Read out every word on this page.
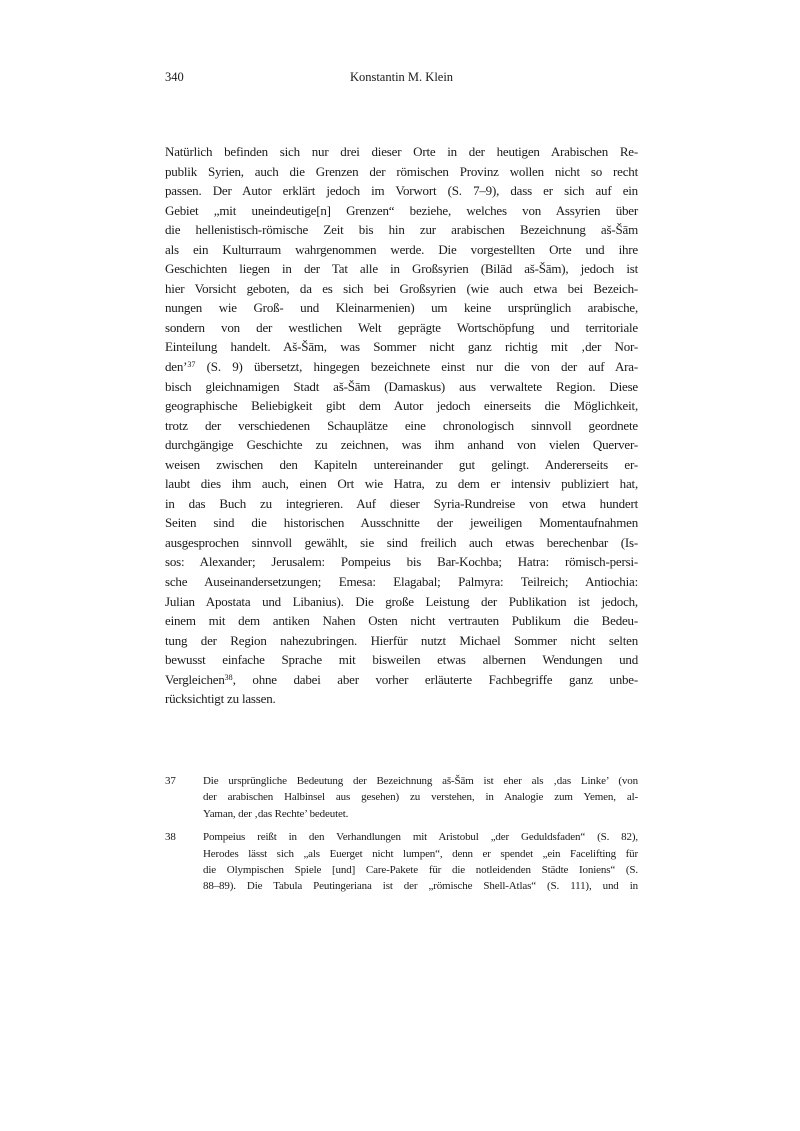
340	Konstantin M. Klein
Natürlich befinden sich nur drei dieser Orte in der heutigen Arabischen Re-
publik Syrien, auch die Grenzen der römischen Provinz wollen nicht so recht
passen. Der Autor erklärt jedoch im Vorwort (S. 7–9), dass er sich auf ein
Gebiet „mit uneindeutige[n] Grenzen“ beziehe, welches von Assyrien über
die hellenistisch-römische Zeit bis hin zur arabischen Bezeichnung aš-Šām
als ein Kulturraum wahrgenommen werde. Die vorgestellten Orte und ihre
Geschichten liegen in der Tat alle in Großsyrien (Bilād aš-Šām), jedoch ist
hier Vorsicht geboten, da es sich bei Großsyrien (wie auch etwa bei Bezeich-
nungen wie Groß- und Kleinarmenien) um keine ursprünglich arabische,
sondern von der westlichen Welt geprägte Wortschöpfung und territoriale
Einteilung handelt. Aš-Šām, was Sommer nicht ganz richtig mit ‚der Nor-
den’$^{37}$ (S. 9) übersetzt, hingegen bezeichnete einst nur die von der auf Ara-
bisch gleichnamigen Stadt aš-Šām (Damaskus) aus verwaltete Region. Diese
geographische Beliebigkeit gibt dem Autor jedoch einerseits die Möglichkeit,
trotz der verschiedenen Schauplätze eine chronologisch sinnvoll geordnete
durchgängige Geschichte zu zeichnen, was ihm anhand von vielen Querver-
weisen zwischen den Kapiteln untereinander gut gelingt. Andererseits er-
laubt dies ihm auch, einen Ort wie Hatra, zu dem er intensiv publiziert hat,
in das Buch zu integrieren. Auf dieser Syria-Rundreise von etwa hundert
Seiten sind die historischen Ausschnitte der jeweiligen Momentaufnahmen
ausgesprochen sinnvoll gewählt, sie sind freilich auch etwas berechenbar (Is-
sos: Alexander; Jerusalem: Pompeius bis Bar-Kochba; Hatra: römisch-persi-
sche Auseinandersetzungen; Emesa: Elagabal; Palmyra: Teilreich; Antiochia:
Julian Apostata und Libanius). Die große Leistung der Publikation ist jedoch,
einem mit dem antiken Nahen Osten nicht vertrauten Publikum die Bedeu-
tung der Region nahezubringen. Hierfür nutzt Michael Sommer nicht selten
bewusst einfache Sprache mit bisweilen etwas albernen Wendungen und
Vergleichen$^{38}$, ohne dabei aber vorher erläuterte Fachbegriffe ganz unbe-
rücksichtigt zu lassen.
37	Die ursprüngliche Bedeutung der Bezeichnung aš-Šām ist eher als ‚das Linke’ (von
der arabischen Halbinsel aus gesehen) zu verstehen, in Analogie zum Yemen, al-
Yaman, der ‚das Rechte’ bedeutet.
38	Pompeius reißt in den Verhandlungen mit Aristobul „der Geduldsfaden“ (S. 82),
Herodes lässt sich „als Euerget nicht lumpen“, denn er spendet „ein Facelifting für
die Olympischen Spiele [und] Care-Pakete für die notleidenden Städte Ioniens“ (S.
88–89). Die Tabula Peutingeriana ist der „römische Shell-Atlas“ (S. 111), und in
